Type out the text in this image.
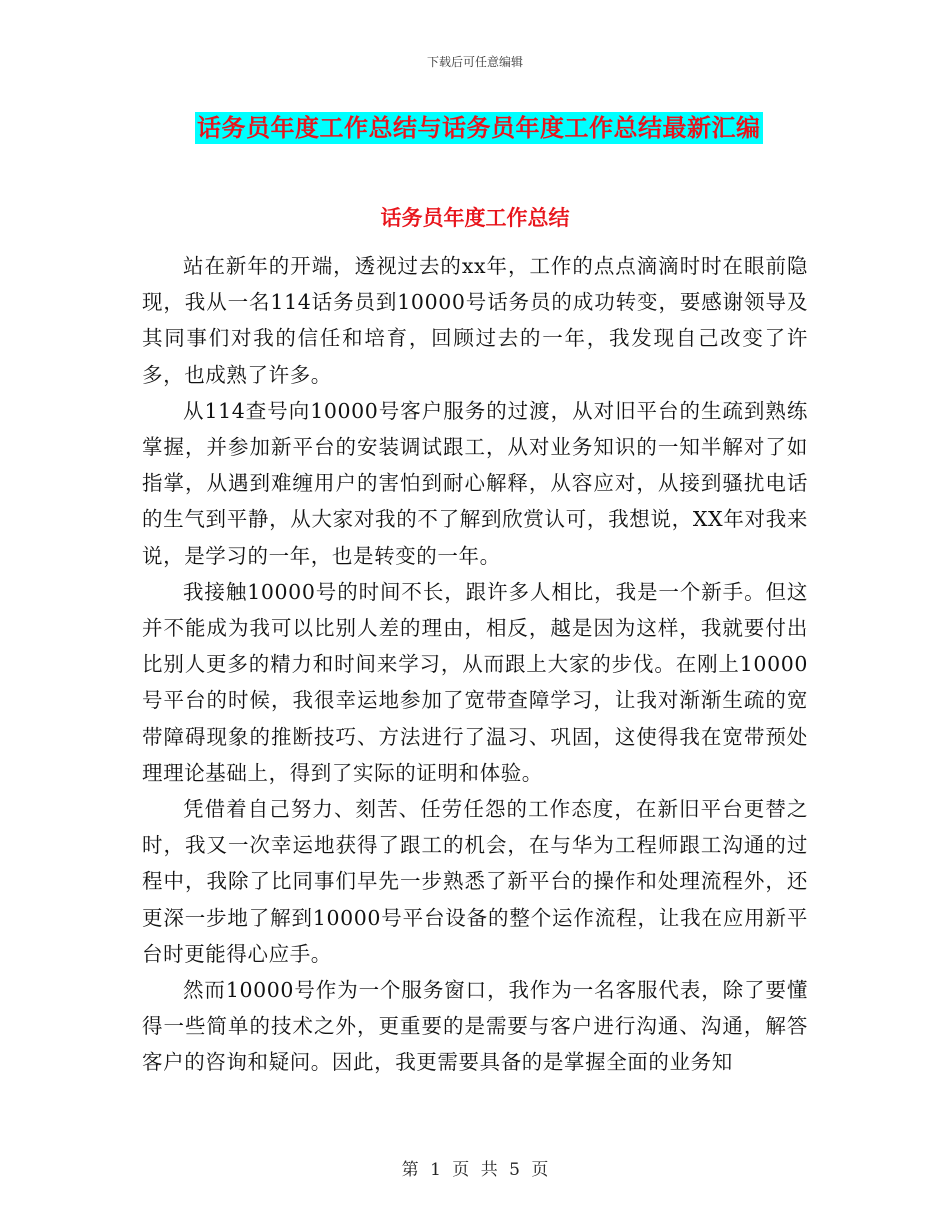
下载后可任意编辑
话务员年度工作总结与话务员年度工作总结最新汇编
话务员年度工作总结

站在新年的开端，透视过去的xx年，工作的点点滴滴时时在眼前隐现，我从一名114话务员到10000号话务员的成功转变，要感谢领导及其同事们对我的信任和培育，回顾过去的一年，我发现自己改变了许多，也成熟了许多。

从114查号向10000号客户服务的过渡，从对旧平台的生疏到熟练掌握，并参加新平台的安装调试跟工，从对业务知识的一知半解对了如指掌，从遇到难缠用户的害怕到耐心解释，从容应对，从接到骚扰电话的生气到平静，从大家对我的不了解到欣赏认可，我想说，XX年对我来说，是学习的一年，也是转变的一年。

我接触10000号的时间不长，跟许多人相比，我是一个新手。但这并不能成为我可以比别人差的理由，相反，越是因为这样，我就要付出比别人更多的精力和时间来学习，从而跟上大家的步伐。在刚上10000号平台的时候，我很幸运地参加了宽带查障学习，让我对渐渐生疏的宽带障碍现象的推断技巧、方法进行了温习、巩固，这使得我在宽带预处理理论基础上，得到了实际的证明和体验。

凭借着自己努力、刻苦、任劳任怨的工作态度，在新旧平台更替之时，我又一次幸运地获得了跟工的机会，在与华为工程师跟工沟通的过程中，我除了比同事们早先一步熟悉了新平台的操作和处理流程外，还更深一步地了解到10000号平台设备的整个运作流程，让我在应用新平台时更能得心应手。

然而10000号作为一个服务窗口，我作为一名客服代表，除了要懂得一些简单的技术之外，更重要的是需要与客户进行沟通、沟通，解答客户的咨询和疑问。因此，我更需要具备的是掌握全面的业务知

第 1 页 共 5 页
